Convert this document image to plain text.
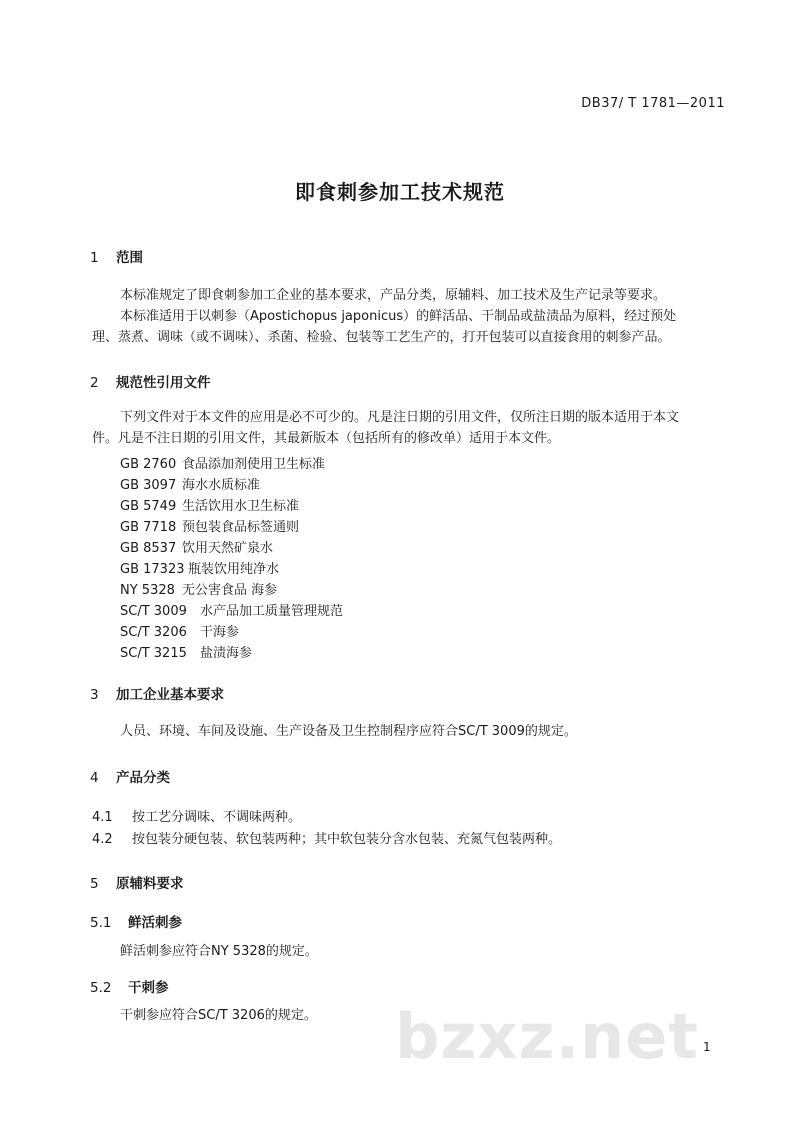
DB37/ T 1781—2011
即食刺参加工技术规范
1 范围
本标准规定了即食刺参加工企业的基本要求，产品分类，原辅料、加工技术及生产记录等要求。
本标准适用于以刺参（Apostichopus japonicus）的鲜活品、干制品或盐渍品为原料，经过预处
理、蒸煮、调味（或不调味）、杀菌、检验、包装等工艺生产的，打开包装可以直接食用的刺参产品。
2 规范性引用文件
下列文件对于本文件的应用是必不可少的。凡是注日期的引用文件，仅所注日期的版本适用于本文
件。凡是不注日期的引用文件，其最新版本（包括所有的修改单）适用于本文件。
GB 2760 食品添加剂使用卫生标准
GB 3097 海水水质标准
GB 5749 生活饮用水卫生标准
GB 7718 预包装食品标签通则
GB 8537 饮用天然矿泉水
GB 17323 瓶装饮用纯净水
NY 5328 无公害食品 海参
SC/T 3009 水产品加工质量管理规范
SC/T 3206 干海参
SC/T 3215 盐渍海参
3 加工企业基本要求
人员、环境、车间及设施、生产设备及卫生控制程序应符合SC/T 3009的规定。
4 产品分类
4.1 按工艺分调味、不调味两种。
4.2 按包装分硬包装、软包装两种；其中软包装分含水包装、充氮气包装两种。
5 原辅料要求
5.1 鲜活刺参
鲜活刺参应符合NY 5328的规定。
5.2 干刺参
干刺参应符合SC/T 3206的规定。 bzxz.net 1
